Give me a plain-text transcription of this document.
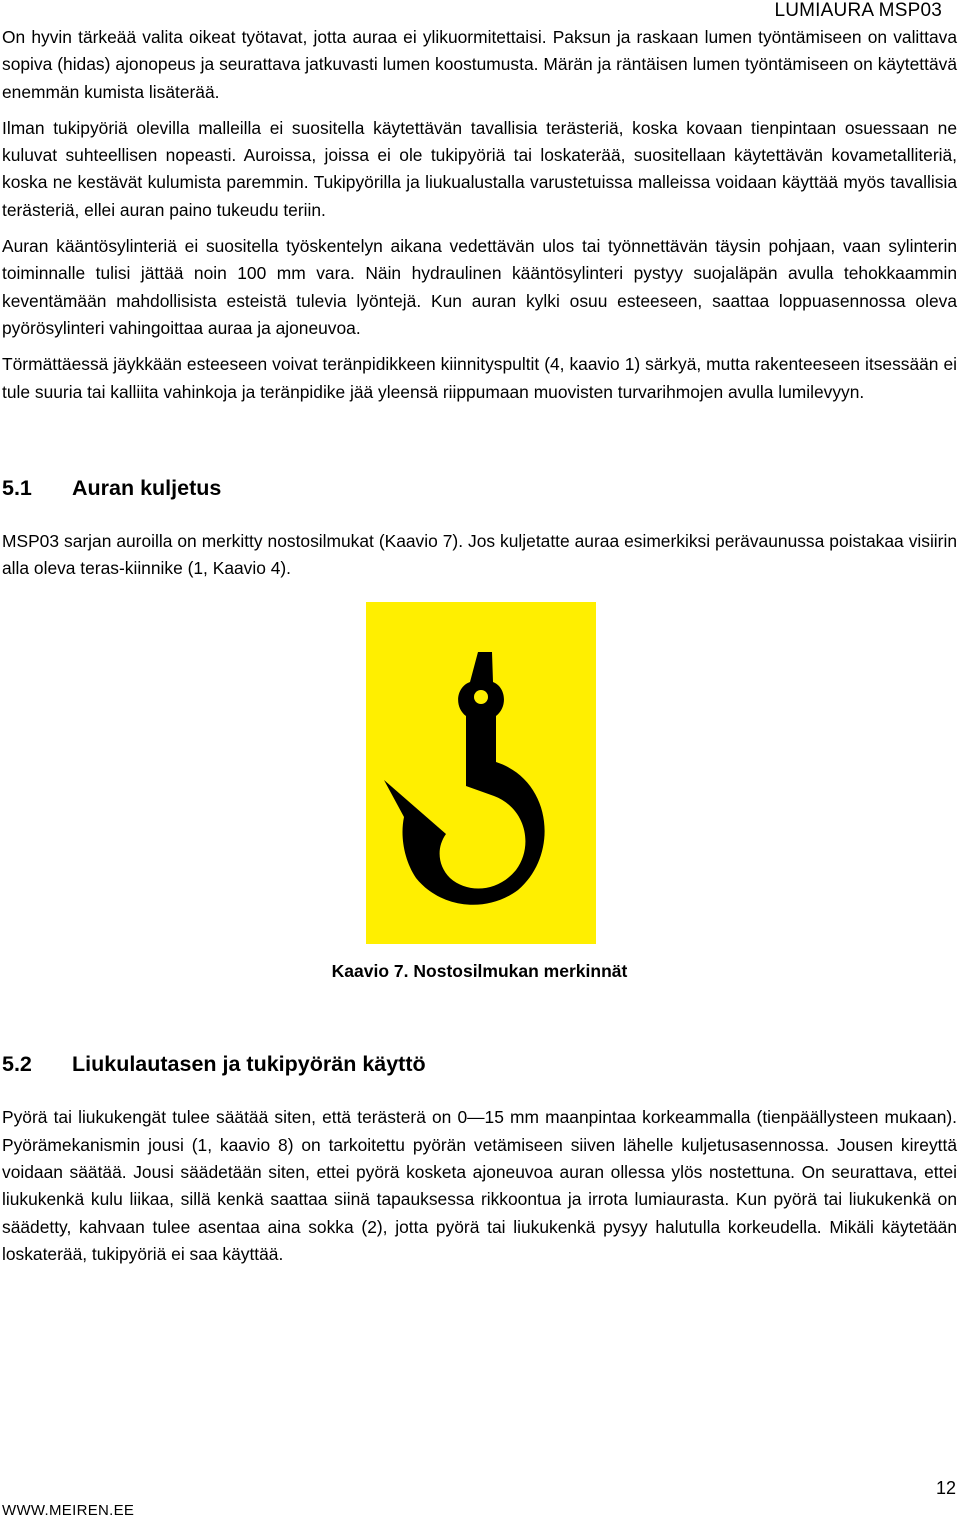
LUMIAURA MSP03

On hyvin tärkeää valita oikeat työtavat, jotta auraa ei ylikuormitettaisi. Paksun ja raskaan lumen työntämiseen on valittava sopiva (hidas) ajonopeus ja seurattava jatkuvasti lumen koostumusta. Märän ja räntäisen lumen työntämiseen on käytettävä enemmän kumista lisäterää.

Ilman tukipyöriä olevilla malleilla ei suositella käytettävän tavallisia terästeriä, koska kovaan tienpintaan osuessaan ne kuluvat suhteellisen nopeasti. Auroissa, joissa ei ole tukipyöriä tai loskaterää, suositellaan käytettävän kovametalliteriä, koska ne kestävät kulumista paremmin. Tukipyörilla ja liukualustalla varustetuissa malleissa voidaan käyttää myös tavallisia terästeriä, ellei auran paino tukeudu teriin.

Auran kääntösylinteriä ei suositella työskentelyn aikana vedettävän ulos tai työnnettävän täysin pohjaan, vaan sylinterin toiminnalle tulisi jättää noin 100 mm vara. Näin hydraulinen kääntösylinteri pystyy suojaläpän avulla tehokkaammin keventämään mahdollisista esteistä tulevia lyöntejä. Kun auran kylki osuu esteeseen, saattaa loppuasennossa oleva pyörösylinteri vahingoittaa auraa ja ajoneuvoa.

Törmättäessä jäykkään esteeseen voivat teränpidikkeen kiinnityspultit (4, kaavio 1) särkyä, mutta rakenteeseen itsessään ei tule suuria tai kalliita vahinkoja ja teränpidike jää yleensä riippumaan muovisten turvarihmojen avulla lumilevyyn.

5.1	Auran kuljetus

MSP03 sarjan auroilla on merkitty nostosilmukat (Kaavio 7). Jos kuljetatte auraa esimerkiksi perävaunussa poistakaa visiirin alla oleva teras-kiinnike (1, Kaavio 4).

Kaavio 7. Nostosilmukan merkinnät
5.2	Liukulautasen ja tukipyörän käyttö

Pyörä tai liukukengät tulee säätää siten, että terästerä on 0—15 mm maanpintaa korkeammalla (tienpäällysteen mukaan). Pyörämekanismin jousi (1, kaavio 8) on tarkoitettu pyörän vetämiseen siiven lähelle kuljetusasennossa. Jousen kireyttä voidaan säätää. Jousi säädetään siten, ettei pyörä kosketa ajoneuvoa auran ollessa ylös nostettuna. On seurattava, ettei liukukenkä kulu liikaa, sillä kenkä saattaa siinä tapauksessa rikkoontua ja irrota lumiaurasta. Kun pyörä tai liukukenkä on säädetty, kahvaan tulee asentaa aina sokka (2), jotta pyörä tai liukukenkä pysyy halutulla korkeudella. Mikäli käytetään loskaterää, tukipyöriä ei saa käyttää.

WWW.MEIREN.EE
12
